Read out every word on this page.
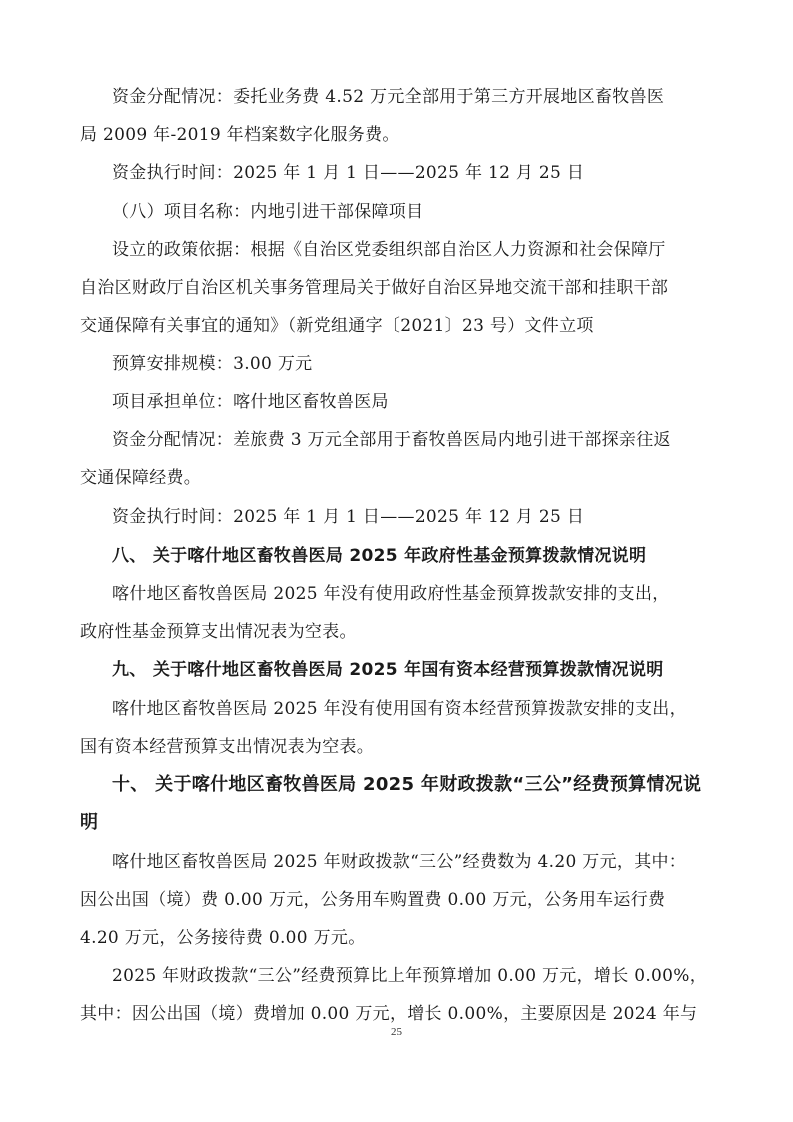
资金分配情况：委托业务费 4.52 万元全部用于第三方开展地区畜牧兽医
局 2009 年-2019 年档案数字化服务费。
资金执行时间：2025 年 1 月 1 日——2025 年 12 月 25 日
（八）项目名称：内地引进干部保障项目
设立的政策依据：根据《自治区党委组织部自治区人力资源和社会保障厅
自治区财政厅自治区机关事务管理局关于做好自治区异地交流干部和挂职干部
交通保障有关事宜的通知》（新党组通字〔2021〕23 号）文件立项
预算安排规模：3.00 万元
项目承担单位：喀什地区畜牧兽医局
资金分配情况：差旅费 3 万元全部用于畜牧兽医局内地引进干部探亲往返
交通保障经费。
资金执行时间：2025 年 1 月 1 日——2025 年 12 月 25 日
八、 关于喀什地区畜牧兽医局 2025 年政府性基金预算拨款情况说明
喀什地区畜牧兽医局 2025 年没有使用政府性基金预算拨款安排的支出，
政府性基金预算支出情况表为空表。
九、 关于喀什地区畜牧兽医局 2025 年国有资本经营预算拨款情况说明
喀什地区畜牧兽医局 2025 年没有使用国有资本经营预算拨款安排的支出，
国有资本经营预算支出情况表为空表。
十、 关于喀什地区畜牧兽医局 2025 年财政拨款“三公”经费预算情况说
明
喀什地区畜牧兽医局 2025 年财政拨款“三公”经费数为 4.20 万元，其中：
因公出国（境）费 0.00 万元，公务用车购置费 0.00 万元，公务用车运行费
4.20 万元，公务接待费 0.00 万元。
2025 年财政拨款“三公”经费预算比上年预算增加 0.00 万元，增长 0.00%，
其中：因公出国（境）费增加 0.00 万元，增长 0.00%，主要原因是 2024 年与
25
